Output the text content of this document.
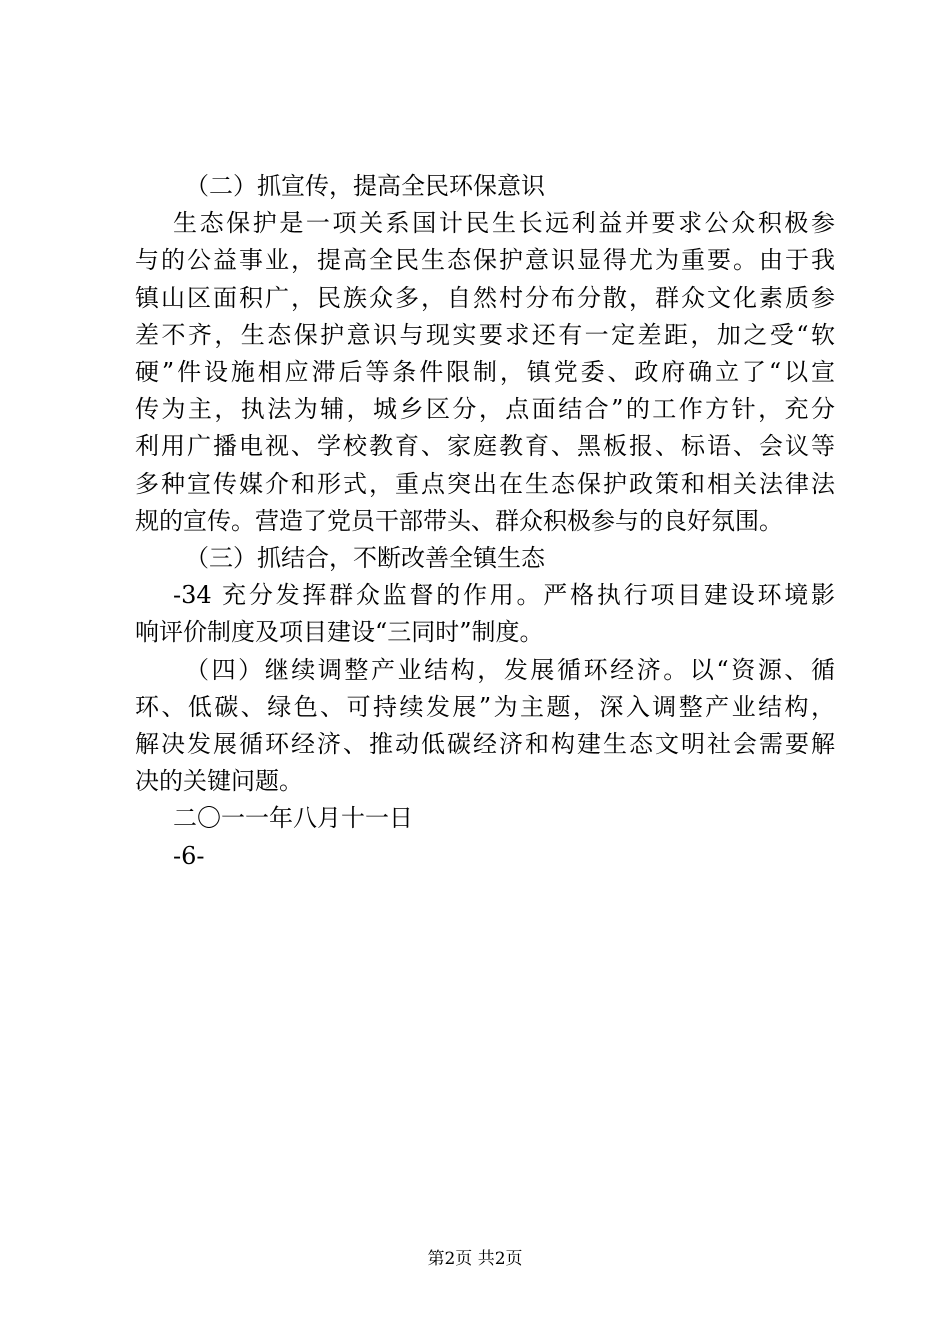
（二）抓宣传，提高全民环保意识
生态保护是一项关系国计民生长远利益并要求公众积极参
与的公益事业，提高全民生态保护意识显得尤为重要。由于我
镇山区面积广，民族众多，自然村分布分散，群众文化素质参
差不齐，生态保护意识与现实要求还有一定差距，加之受“软
硬”件设施相应滞后等条件限制，镇党委、政府确立了“以宣
传为主，执法为辅，城乡区分，点面结合”的工作方针，充分
利用广播电视、学校教育、家庭教育、黑板报、标语、会议等
多种宣传媒介和形式，重点突出在生态保护政策和相关法律法
规的宣传。营造了党员干部带头、群众积极参与的良好氛围。
（三）抓结合，不断改善全镇生态
-34 充分发挥群众监督的作用。严格执行项目建设环境影
响评价制度及项目建设“三同时”制度。
（四）继续调整产业结构，发展循环经济。以“资源、循
环、低碳、绿色、可持续发展”为主题，深入调整产业结构，
解决发展循环经济、推动低碳经济和构建生态文明社会需要解
决的关键问题。
二〇一一年八月十一日
-6-
第2页 共2页
